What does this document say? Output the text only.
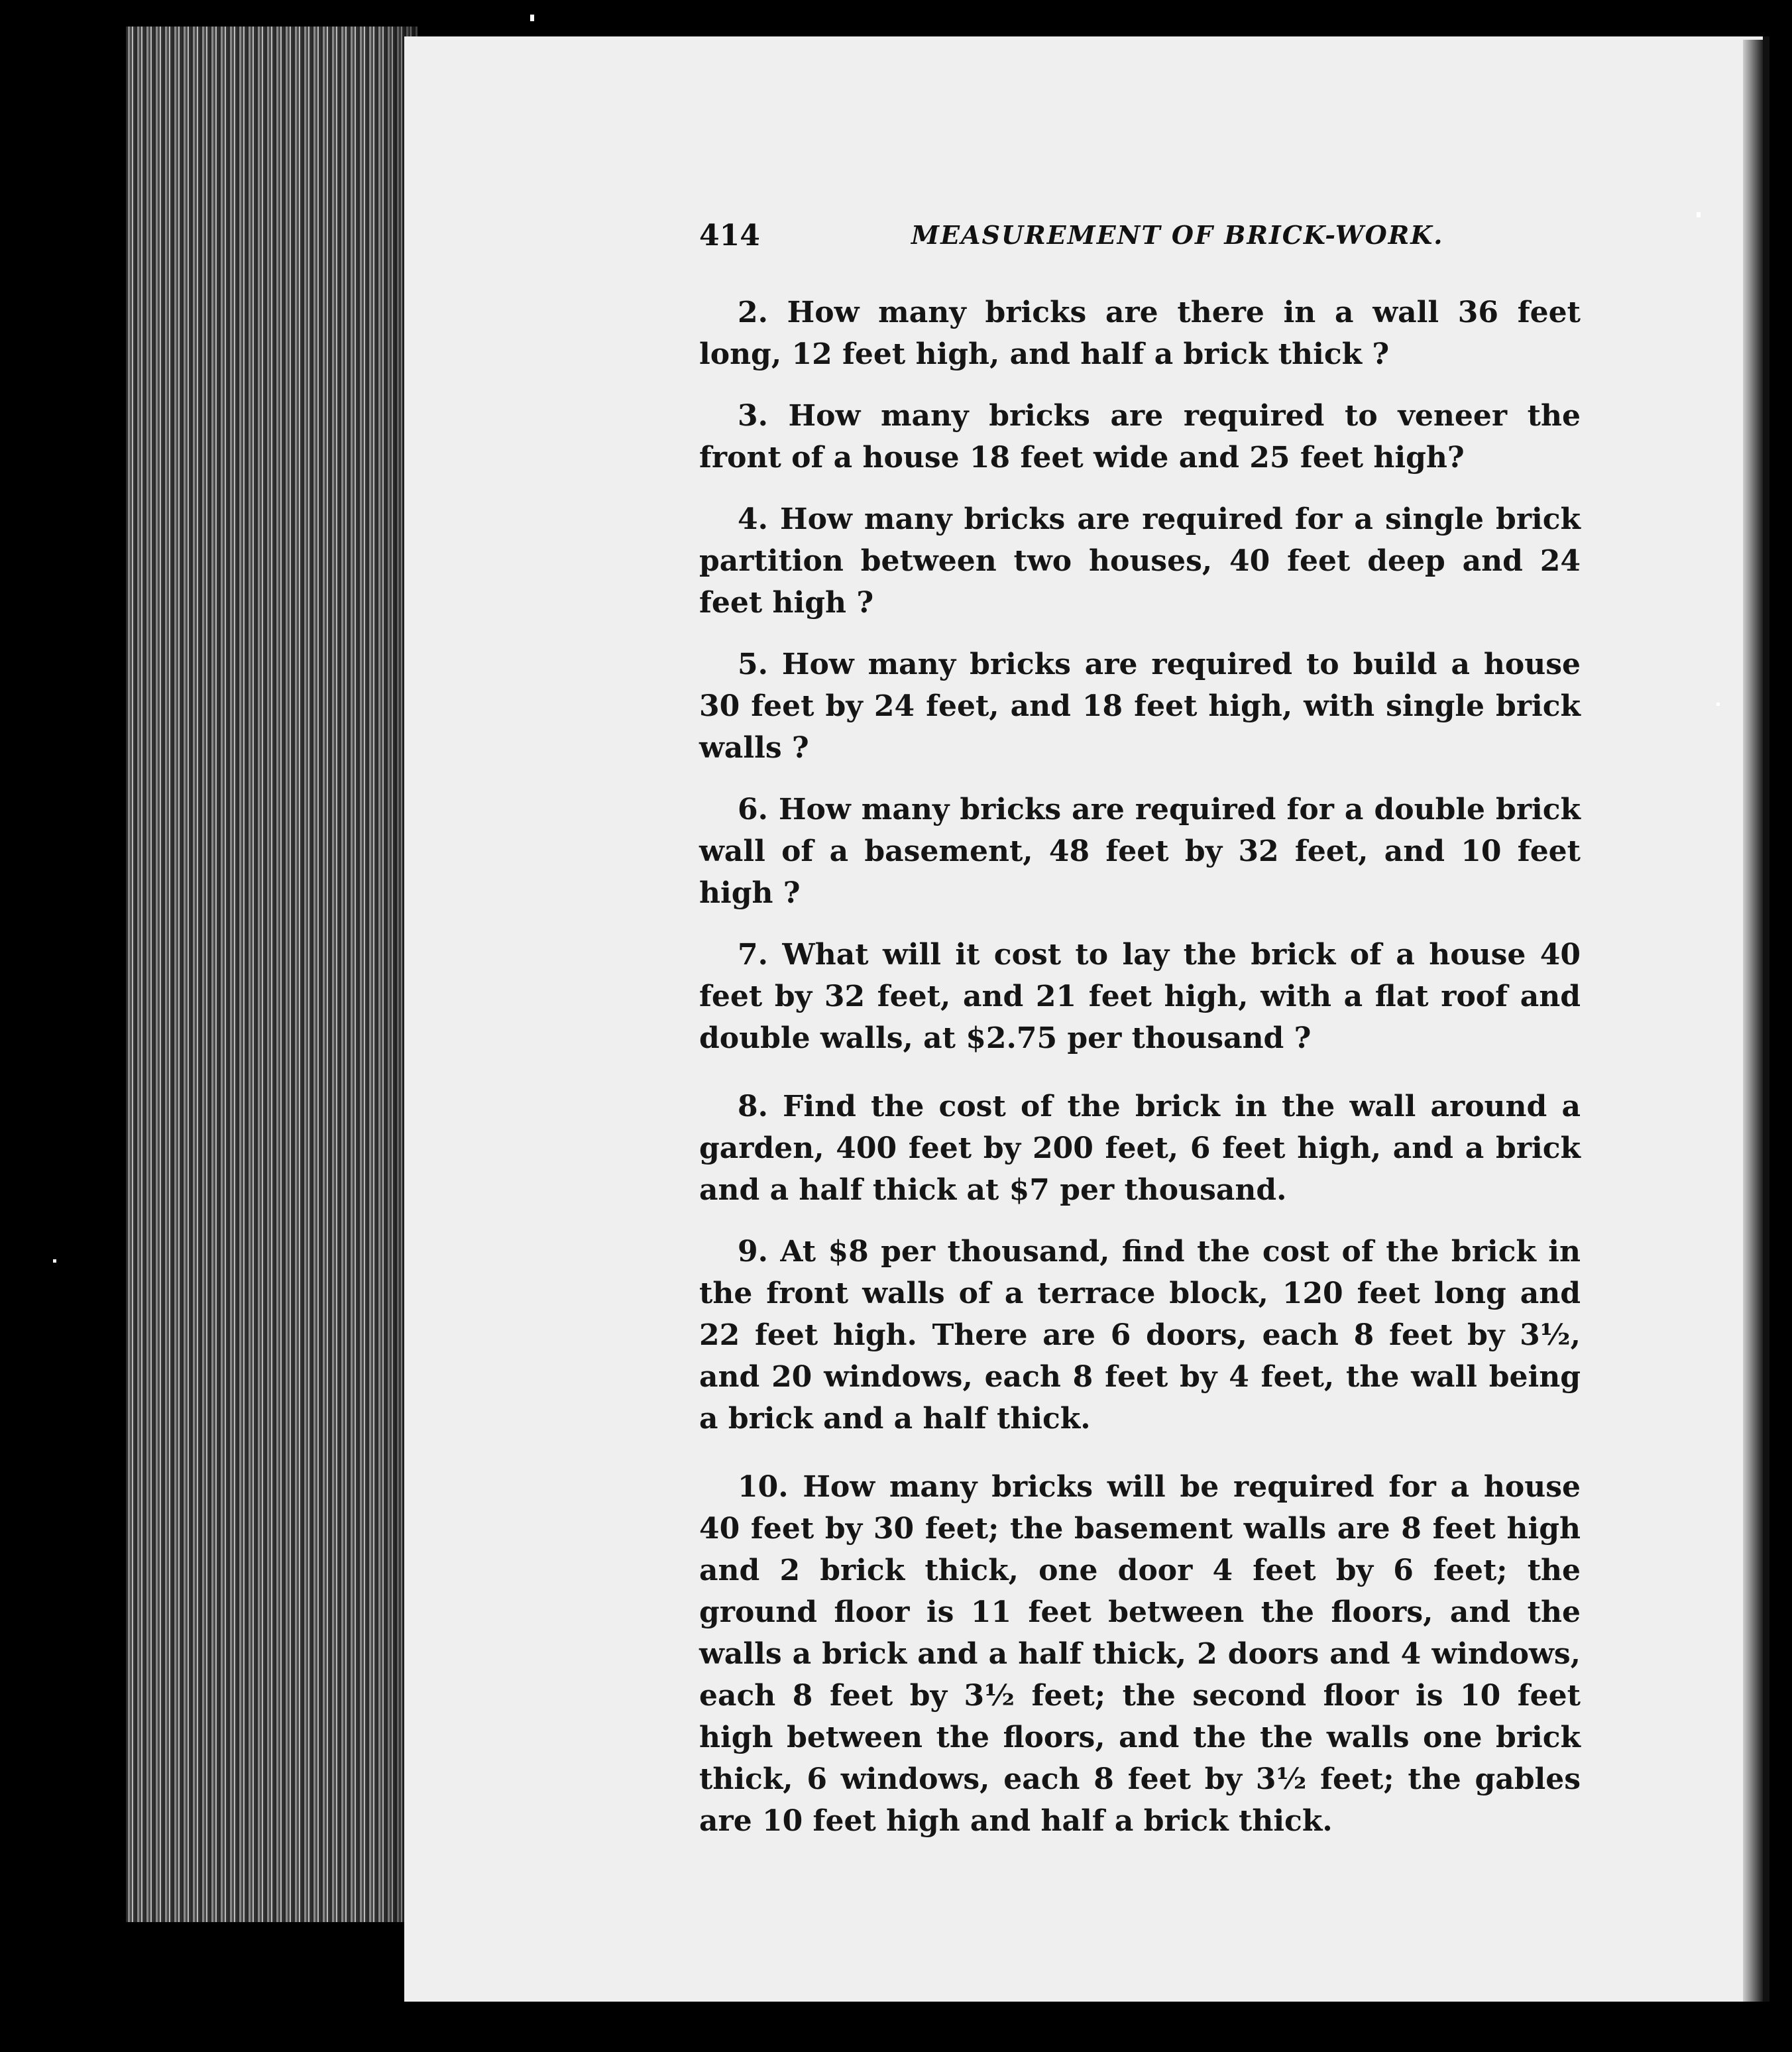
414	MEASUREMENT OF BRICK-WORK.

2. How many bricks are there in a wall 36 feet long, 12 feet high, and half a brick thick ?

3. How many bricks are required to veneer the front of a house 18 feet wide and 25 feet high?

4. How many bricks are required for a single brick partition between two houses, 40 feet deep and 24 feet high ?

5. How many bricks are required to build a house 30 feet by 24 feet, and 18 feet high, with single brick walls ?

6. How many bricks are required for a double brick wall of a basement, 48 feet by 32 feet, and 10 feet high ?

7. What will it cost to lay the brick of a house 40 feet by 32 feet, and 21 feet high, with a flat roof and double walls, at $2.75 per thousand ?

8. Find the cost of the brick in the wall around a garden, 400 feet by 200 feet, 6 feet high, and a brick and a half thick at $7 per thousand.

9. At $8 per thousand, find the cost of the brick in the front walls of a terrace block, 120 feet long and 22 feet high. There are 6 doors, each 8 feet by 3½, and 20 windows, each 8 feet by 4 feet, the wall being a brick and a half thick.

10. How many bricks will be required for a house 40 feet by 30 feet; the basement walls are 8 feet high and 2 brick thick, one door 4 feet by 6 feet; the ground floor is 11 feet between the floors, and the walls a brick and a half thick, 2 doors and 4 windows, each 8 feet by 3½ feet; the second floor is 10 feet high between the floors, and the the walls one brick thick, 6 windows, each 8 feet by 3½ feet; the gables are 10 feet high and half a brick thick.
